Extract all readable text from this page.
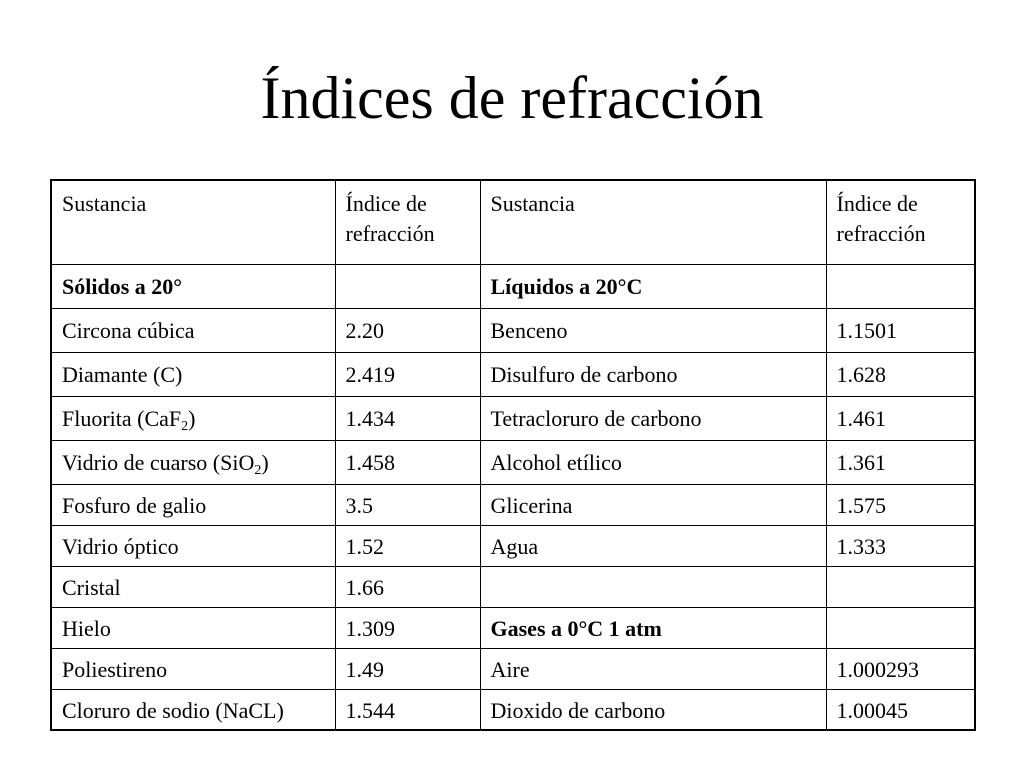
Índices de refracción
Sustancia	Índice de refracción	Sustancia	Índice de refracción
Sólidos a 20°		Líquidos a 20°C	
Circona cúbica	2.20	Benceno	1.1501
Diamante (C)	2.419	Disulfuro de carbono	1.628
Fluorita (CaF$_2$)	1.434	Tetracloruro de carbono	1.461
Vidrio de cuarso (SiO$_2$)	1.458	Alcohol etílico	1.361
Fosfuro de galio	3.5	Glicerina	1.575
Vidrio óptico	1.52	Agua	1.333
Cristal	1.66		
Hielo	1.309	Gases a 0°C 1 atm	
Poliestireno	1.49	Aire	1.000293
Cloruro de sodio (NaCL)	1.544	Dioxido de carbono	1.00045
